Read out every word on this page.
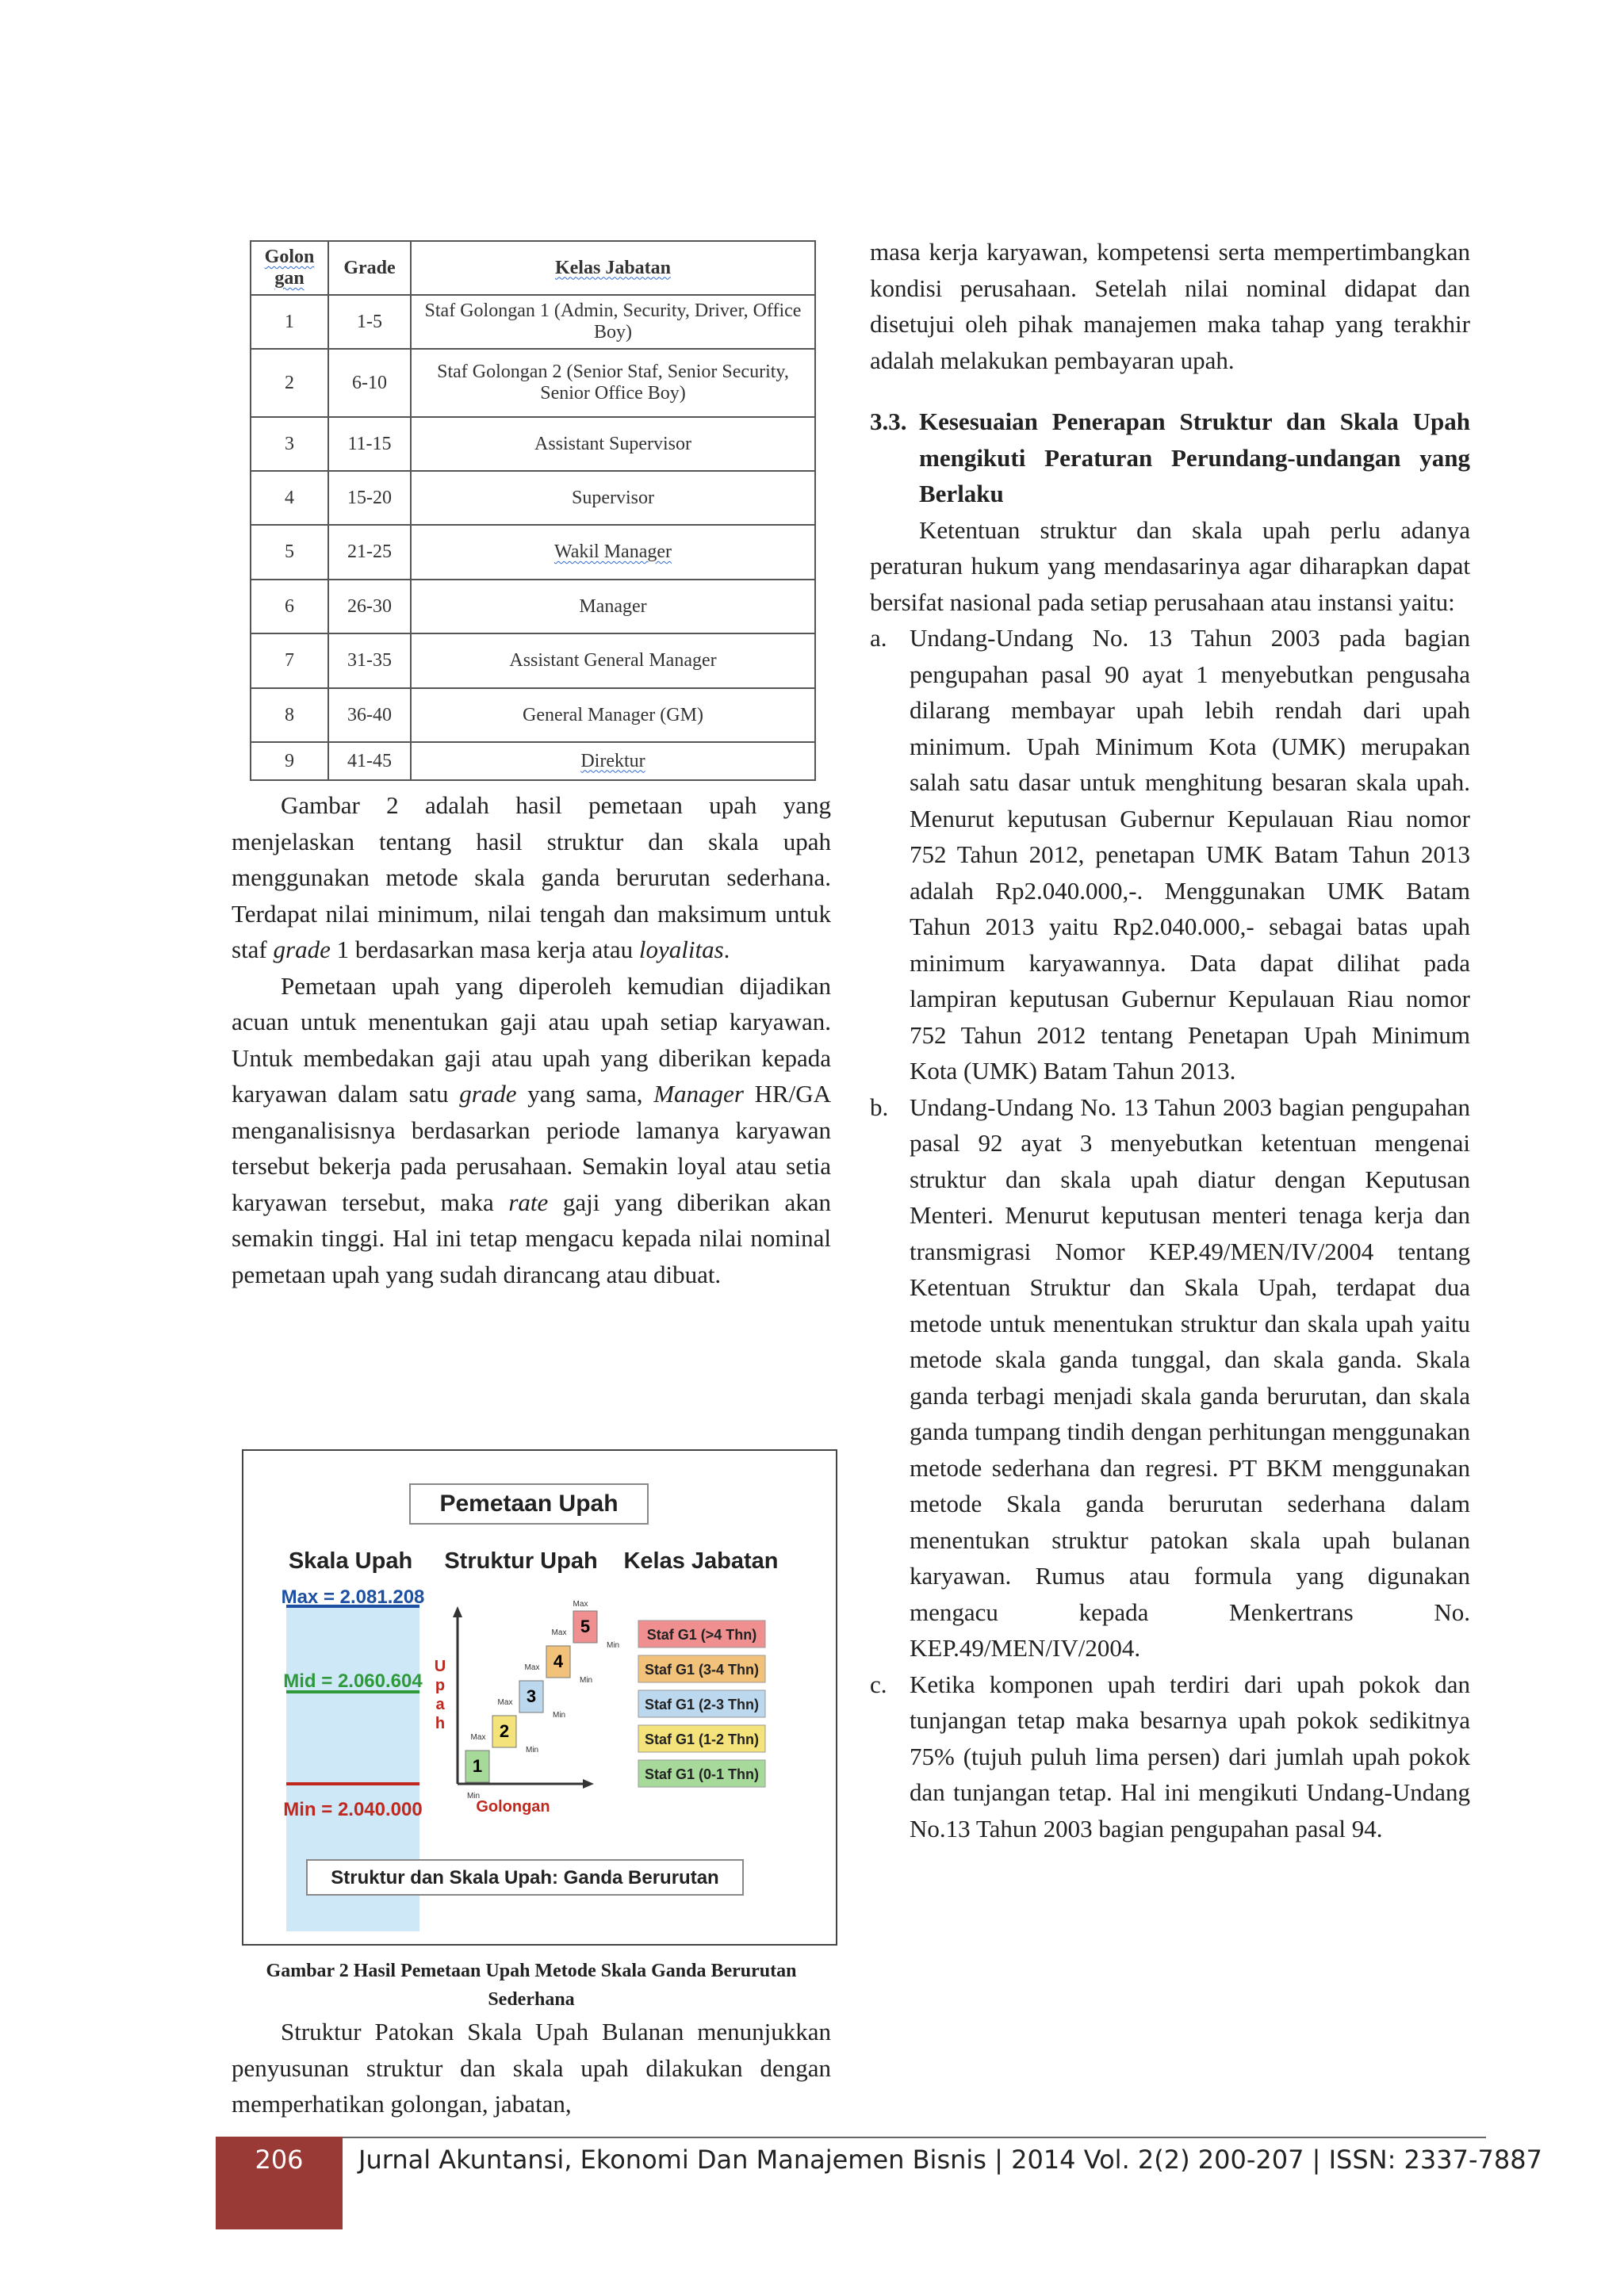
Golon gan	Grade	Kelas Jabatan
1	1-5	Staf Golongan 1 (Admin, Security, Driver, Office Boy)
2	6-10	Staf Golongan 2 (Senior Staf, Senior Security, Senior Office Boy)
3	11-15	Assistant Supervisor
4	15-20	Supervisor
5	21-25	Wakil Manager
6	26-30	Manager
7	31-35	Assistant General Manager
8	36-40	General Manager (GM)
9	41-45	Direktur

Gambar 2 adalah hasil pemetaan upah yang menjelaskan tentang hasil struktur dan skala upah menggunakan metode skala ganda berurutan sederhana. Terdapat nilai minimum, nilai tengah dan maksimum untuk staf grade 1 berdasarkan masa kerja atau loyalitas.

Pemetaan upah yang diperoleh kemudian dijadikan acuan untuk menentukan gaji atau upah setiap karyawan. Untuk membedakan gaji atau upah yang diberikan kepada karyawan dalam satu grade yang sama, Manager HR/GA menganalisisnya berdasarkan periode lamanya karyawan tersebut bekerja pada perusahaan. Semakin loyal atau setia karyawan tersebut, maka rate gaji yang diberikan akan semakin tinggi. Hal ini tetap mengacu kepada nilai nominal pemetaan upah yang sudah dirancang atau dibuat.

Pemetaan Upah
Skala Upah Struktur Upah Kelas Jabatan
Max = 2.081.208
Mid = 2.060.604
Min = 2.040.000
U
p
a
h
Golongan
1
2
3
4
5
Max
Max
Max
Max
Max
Min
Min
Min
Min
Min
Staf G1 (>4 Thn)
Staf G1 (3-4 Thn)
Staf G1 (2-3 Thn)
Staf G1 (1-2 Thn)
Staf G1 (0-1 Thn)
Struktur dan Skala Upah: Ganda Berurutan
Gambar 2 Hasil Pemetaan Upah Metode Skala Ganda Berurutan Sederhana

Struktur Patokan Skala Upah Bulanan menunjukkan penyusunan struktur dan skala upah dilakukan dengan memperhatikan golongan, jabatan,

masa kerja karyawan, kompetensi serta mempertimbangkan kondisi perusahaan. Setelah nilai nominal didapat dan disetujui oleh pihak manajemen maka tahap yang terakhir adalah melakukan pembayaran upah.

3.3. Kesesuaian Penerapan Struktur dan Skala Upah mengikuti Peraturan Perundang-undangan yang Berlaku

Ketentuan struktur dan skala upah perlu adanya peraturan hukum yang mendasarinya agar diharapkan dapat bersifat nasional pada setiap perusahaan atau instansi yaitu:

a. Undang-Undang No. 13 Tahun 2003 pada bagian pengupahan pasal 90 ayat 1 menyebutkan pengusaha dilarang membayar upah lebih rendah dari upah minimum. Upah Minimum Kota (UMK) merupakan salah satu dasar untuk menghitung besaran skala upah. Menurut keputusan Gubernur Kepulauan Riau nomor 752 Tahun 2012, penetapan UMK Batam Tahun 2013 adalah Rp2.040.000,-. Menggunakan UMK Batam Tahun 2013 yaitu Rp2.040.000,- sebagai batas upah minimum karyawannya. Data dapat dilihat pada lampiran keputusan Gubernur Kepulauan Riau nomor 752 Tahun 2012 tentang Penetapan Upah Minimum Kota (UMK) Batam Tahun 2013.
b. Undang-Undang No. 13 Tahun 2003 bagian pengupahan pasal 92 ayat 3 menyebutkan ketentuan mengenai struktur dan skala upah diatur dengan Keputusan Menteri. Menurut keputusan menteri tenaga kerja dan transmigrasi Nomor KEP.49/MEN/IV/2004 tentang Ketentuan Struktur dan Skala Upah, terdapat dua metode untuk menentukan struktur dan skala upah yaitu metode skala ganda tunggal, dan skala ganda. Skala ganda terbagi menjadi skala ganda berurutan, dan skala ganda tumpang tindih dengan perhitungan menggunakan metode sederhana dan regresi. PT BKM menggunakan metode Skala ganda berurutan sederhana dalam menentukan struktur patokan skala upah bulanan karyawan. Rumus atau formula yang digunakan mengacu kepada Menkertrans No. KEP.49/MEN/IV/2004.
c. Ketika komponen upah terdiri dari upah pokok dan tunjangan tetap maka besarnya upah pokok sedikitnya 75% (tujuh puluh lima persen) dari jumlah upah pokok dan tunjangan tetap. Hal ini mengikuti Undang-Undang No.13 Tahun 2003 bagian pengupahan pasal 94.
206	Jurnal Akuntansi, Ekonomi Dan Manajemen Bisnis | 2014 Vol. 2(2) 200-207 | ISSN: 2337-7887
